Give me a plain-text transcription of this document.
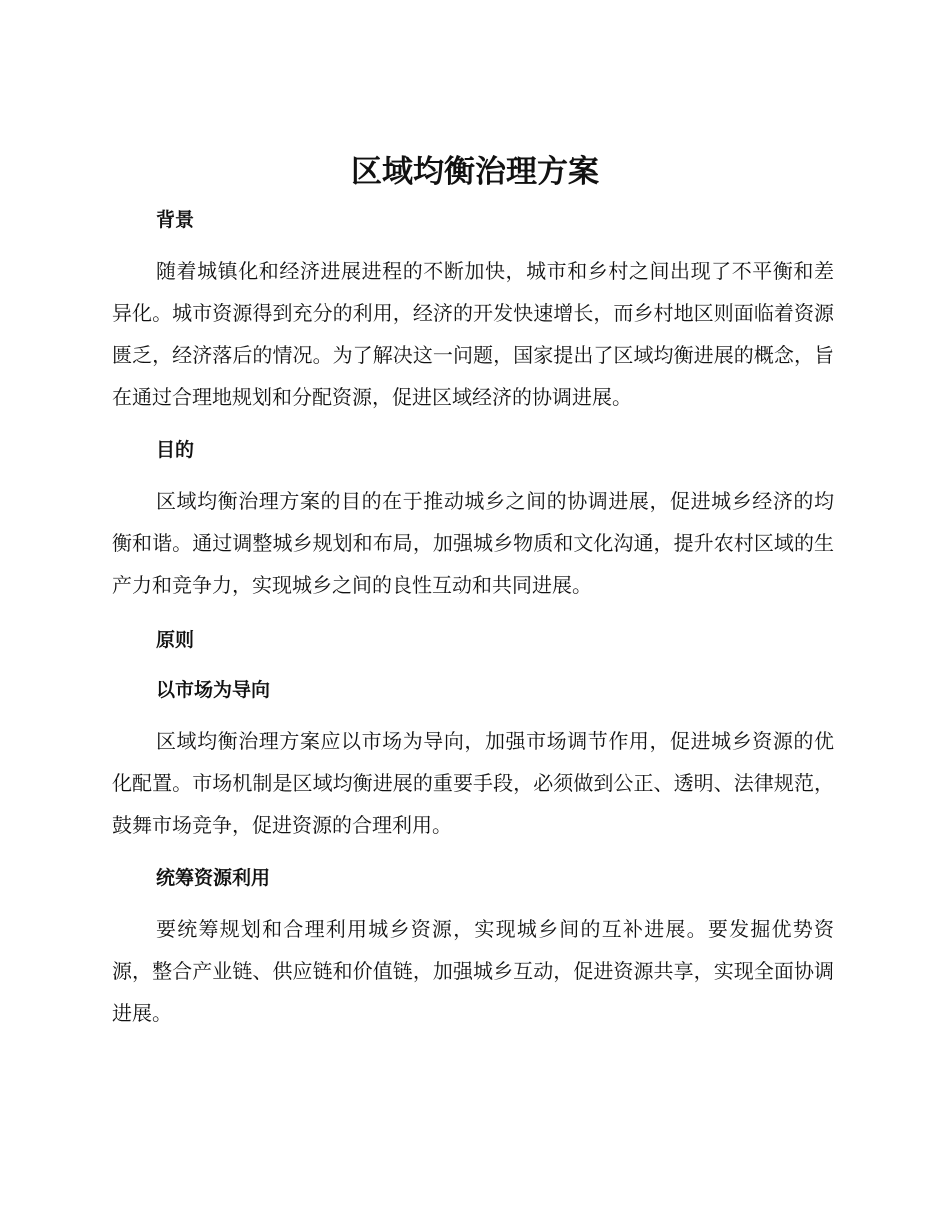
区域均衡治理方案
背景

随着城镇化和经济进展进程的不断加快，城市和乡村之间出现了不平衡和差异化。城市资源得到充分的利用，经济的开发快速增长，而乡村地区则面临着资源匮乏，经济落后的情况。为了解决这一问题，国家提出了区域均衡进展的概念，旨在通过合理地规划和分配资源，促进区域经济的协调进展。

目的

区域均衡治理方案的目的在于推动城乡之间的协调进展，促进城乡经济的均衡和谐。通过调整城乡规划和布局，加强城乡物质和文化沟通，提升农村区域的生产力和竞争力，实现城乡之间的良性互动和共同进展。

原则
以市场为导向

区域均衡治理方案应以市场为导向，加强市场调节作用，促进城乡资源的优化配置。市场机制是区域均衡进展的重要手段，必须做到公正、透明、法律规范，鼓舞市场竞争，促进资源的合理利用。

统筹资源利用

要统筹规划和合理利用城乡资源，实现城乡间的互补进展。要发掘优势资源，整合产业链、供应链和价值链，加强城乡互动，促进资源共享，实现全面协调进展。
